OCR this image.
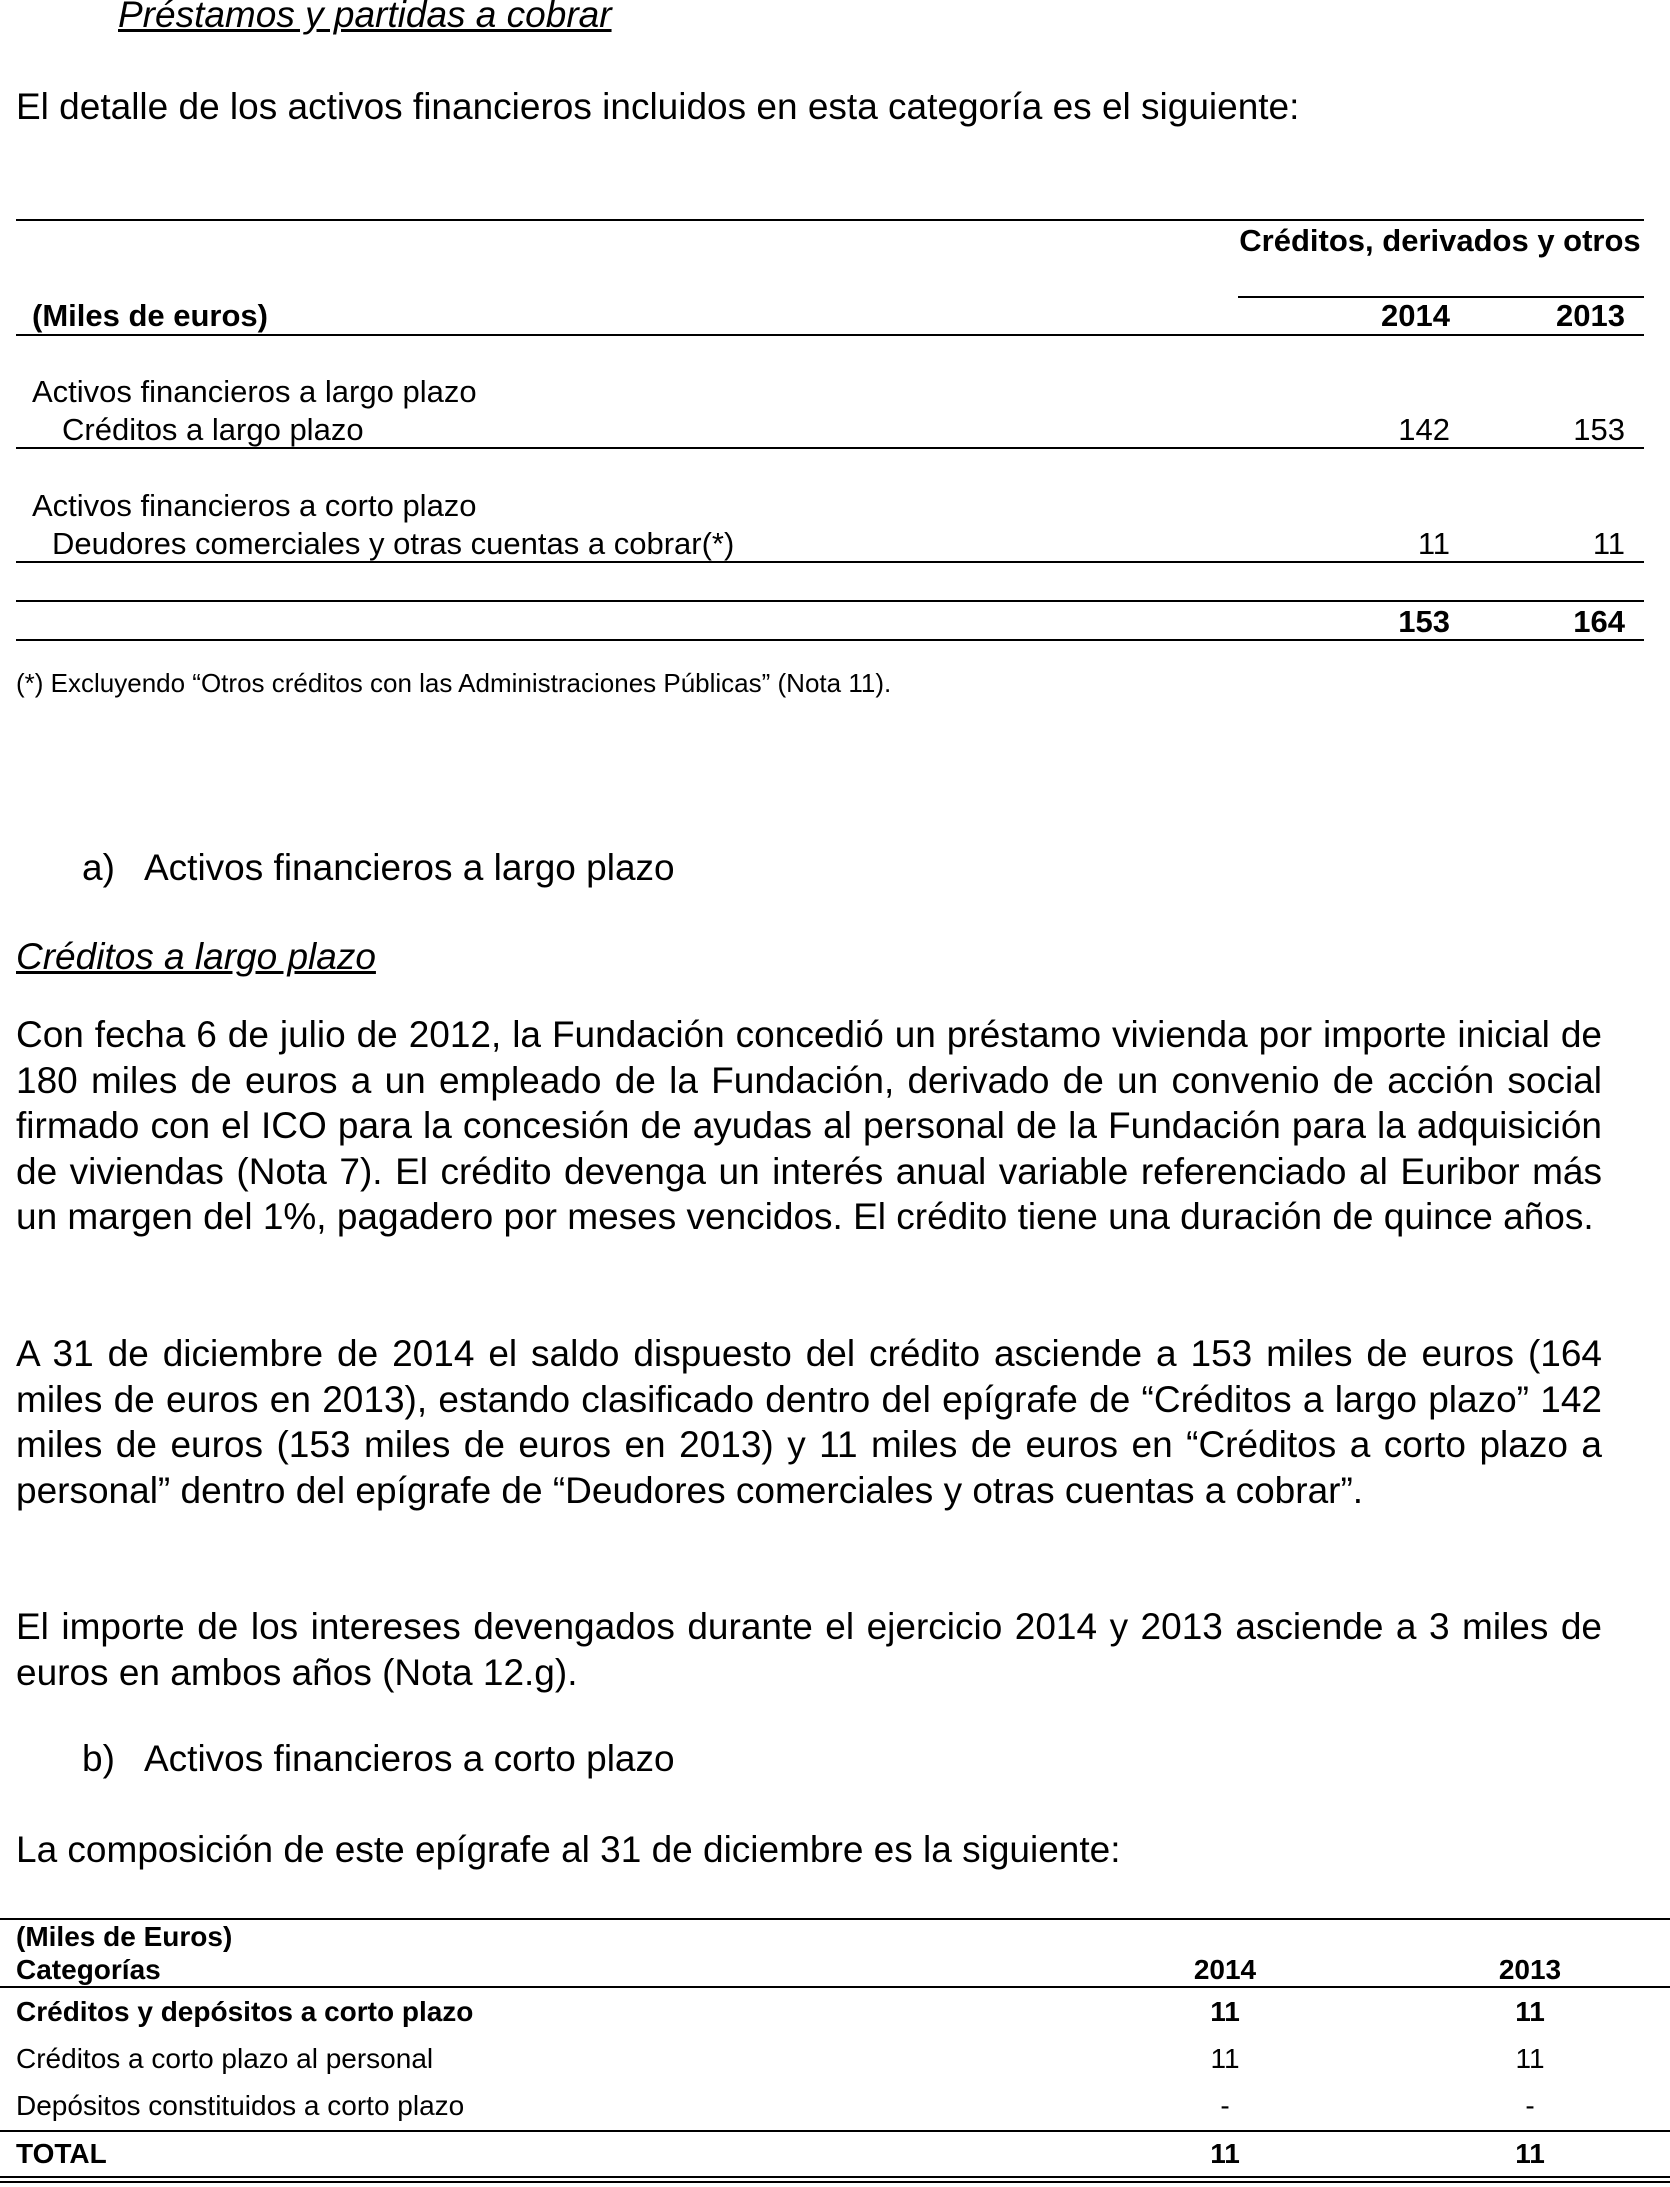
Préstamos y partidas a cobrar
El detalle de los activos financieros incluidos en esta categoría es el siguiente:
Créditos, derivados y otros
(Miles de euros)	2014	2013
Activos financieros a largo plazo
Créditos a largo plazo	142	153
Activos financieros a corto plazo
Deudores comerciales y otras cuentas a cobrar(*)	11	11
153	164
(*) Excluyendo “Otros créditos con las Administraciones Públicas” (Nota 11).
a) Activos financieros a largo plazo
Créditos a largo plazo
Con fecha 6 de julio de 2012, la Fundación concedió un préstamo vivienda por importe inicial de 180 miles de euros a un empleado de la Fundación, derivado de un convenio de acción social firmado con el ICO para la concesión de ayudas al personal de la Fundación para la adquisición de viviendas (Nota 7). El crédito devenga un interés anual variable referenciado al Euribor más un margen del 1%, pagadero por meses vencidos. El crédito tiene una duración de quince años.
A 31 de diciembre de 2014 el saldo dispuesto del crédito asciende a 153 miles de euros (164 miles de euros en 2013), estando clasificado dentro del epígrafe de “Créditos a largo plazo” 142 miles de euros (153 miles de euros en 2013) y 11 miles de euros en “Créditos a corto plazo a personal” dentro del epígrafe de “Deudores comerciales y otras cuentas a cobrar”.
El importe de los intereses devengados durante el ejercicio 2014 y 2013 asciende a 3 miles de euros en ambos años (Nota 12.g).
b) Activos financieros a corto plazo
La composición de este epígrafe al 31 de diciembre es la siguiente:
(Miles de Euros)
Categorías	2014	2013
Créditos y depósitos a corto plazo	11	11
Créditos a corto plazo al personal	11	11
Depósitos constituidos a corto plazo	-	-
TOTAL	11	11
